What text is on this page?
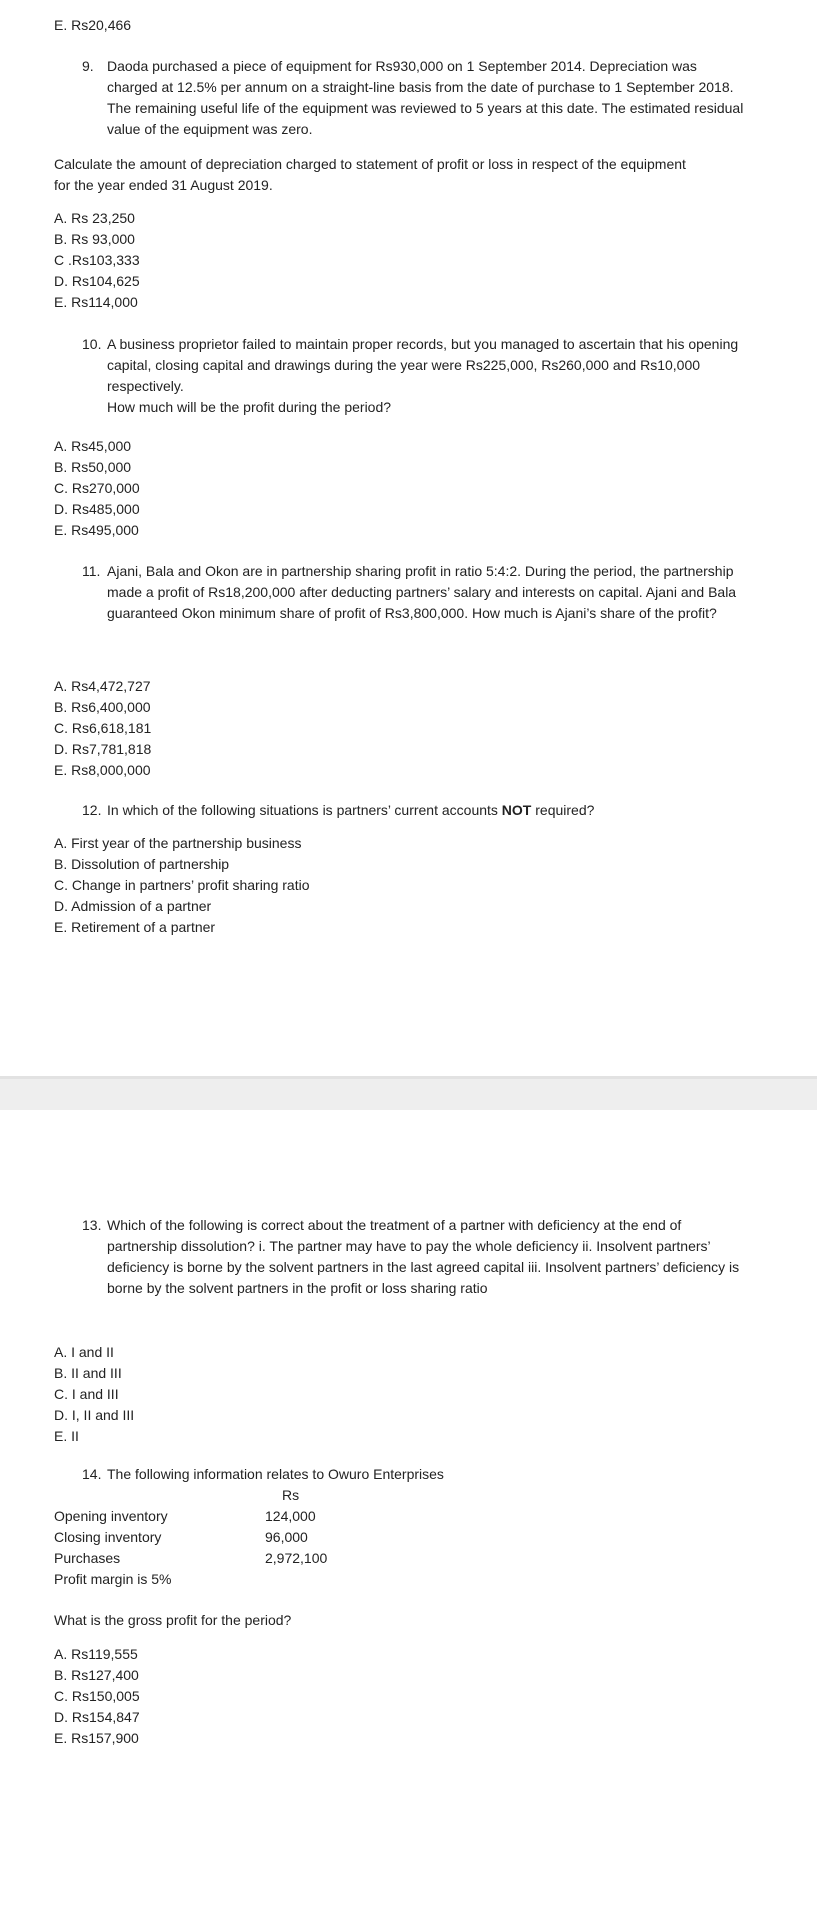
E. Rs20,466
9. Daoda purchased a piece of equipment for Rs930,000 on 1 September 2014. Depreciation was charged at 12.5% per annum on a straight-line basis from the date of purchase to 1 September 2018. The remaining useful life of the equipment was reviewed to 5 years at this date. The estimated residual value of the equipment was zero.
Calculate the amount of depreciation charged to statement of profit or loss in respect of the equipment
for the year ended 31 August 2019.
A. Rs 23,250
B. Rs 93,000
C .Rs103,333
D. Rs104,625
E. Rs114,000
10. A business proprietor failed to maintain proper records, but you managed to ascertain that his opening capital, closing capital and drawings during the year were Rs225,000, Rs260,000 and Rs10,000 respectively.
How much will be the profit during the period?
A. Rs45,000
B. Rs50,000
C. Rs270,000
D. Rs485,000
E. Rs495,000
11. Ajani, Bala and Okon are in partnership sharing profit in ratio 5:4:2. During the period, the partnership made a profit of Rs18,200,000 after deducting partners’ salary and interests on capital. Ajani and Bala guaranteed Okon minimum share of profit of Rs3,800,000. How much is Ajani’s share of the profit?
A. Rs4,472,727
B. Rs6,400,000
C. Rs6,618,181
D. Rs7,781,818
E. Rs8,000,000
12. In which of the following situations is partners’ current accounts NOT required?
A. First year of the partnership business
B. Dissolution of partnership
C. Change in partners’ profit sharing ratio
D. Admission of a partner
E. Retirement of a partner
13. Which of the following is correct about the treatment of a partner with deficiency at the end of partnership dissolution? i. The partner may have to pay the whole deficiency ii. Insolvent partners’ deficiency is borne by the solvent partners in the last agreed capital iii. Insolvent partners’ deficiency is borne by the solvent partners in the profit or loss sharing ratio
A. I and II
B. II and III
C. I and III
D. I, II and III
E. II
14. The following information relates to Owuro Enterprises
Rs
Opening inventory	124,000
Closing inventory	96,000
Purchases	2,972,100
Profit margin is 5%
What is the gross profit for the period?
A. Rs119,555
B. Rs127,400
C. Rs150,005
D. Rs154,847
E. Rs157,900
